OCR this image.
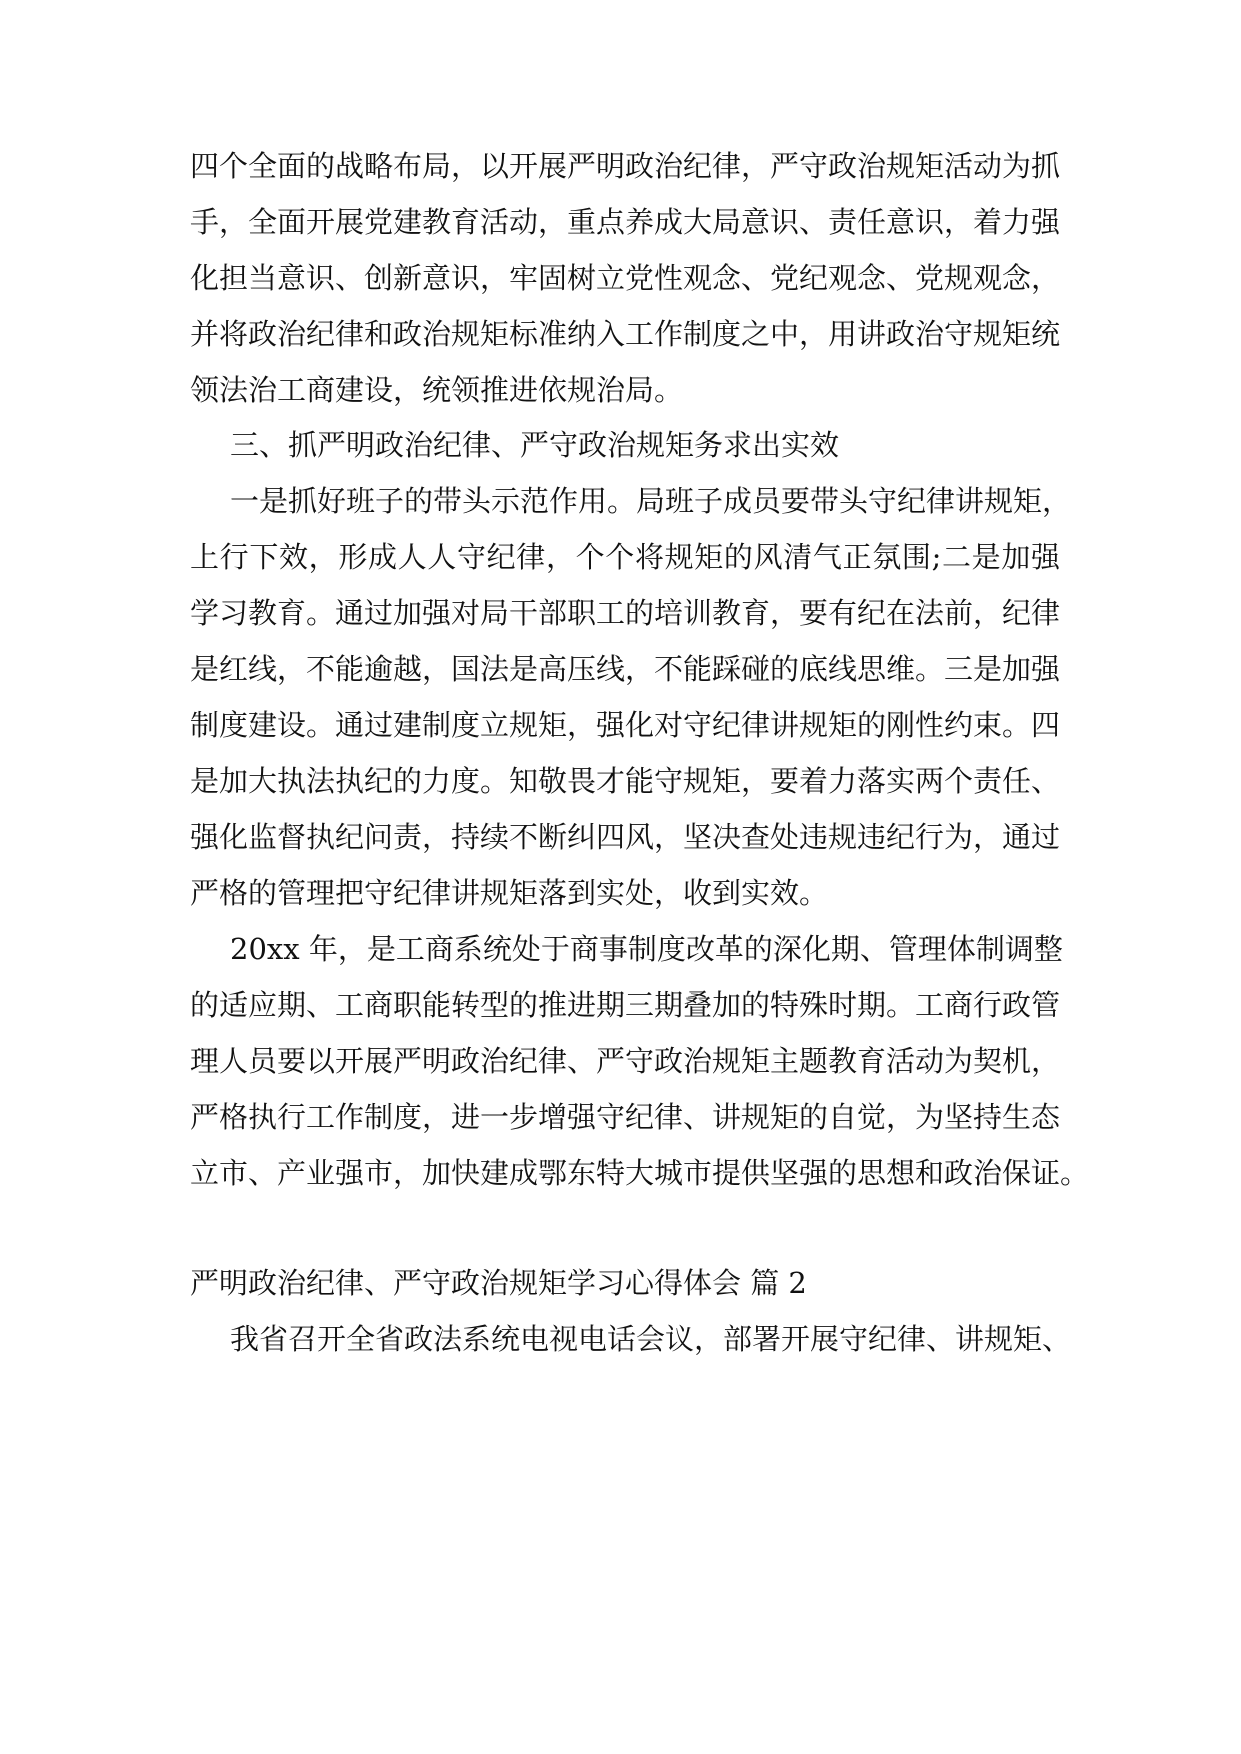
四个全面的战略布局，以开展严明政治纪律，严守政治规矩活动为抓
手，全面开展党建教育活动，重点养成大局意识、责任意识，着力强
化担当意识、创新意识，牢固树立党性观念、党纪观念、党规观念，
并将政治纪律和政治规矩标准纳入工作制度之中，用讲政治守规矩统
领法治工商建设，统领推进依规治局。
三、抓严明政治纪律、严守政治规矩务求出实效
一是抓好班子的带头示范作用。局班子成员要带头守纪律讲规矩，
上行下效，形成人人守纪律，个个将规矩的风清气正氛围;二是加强
学习教育。通过加强对局干部职工的培训教育，要有纪在法前，纪律
是红线，不能逾越，国法是高压线，不能踩碰的底线思维。三是加强
制度建设。通过建制度立规矩，强化对守纪律讲规矩的刚性约束。四
是加大执法执纪的力度。知敬畏才能守规矩，要着力落实两个责任、
强化监督执纪问责，持续不断纠四风，坚决查处违规违纪行为，通过
严格的管理把守纪律讲规矩落到实处，收到实效。
20xx 年，是工商系统处于商事制度改革的深化期、管理体制调整
的适应期、工商职能转型的推进期三期叠加的特殊时期。工商行政管
理人员要以开展严明政治纪律、严守政治规矩主题教育活动为契机，
严格执行工作制度，进一步增强守纪律、讲规矩的自觉，为坚持生态
立市、产业强市，加快建成鄂东特大城市提供坚强的思想和政治保证。
严明政治纪律、严守政治规矩学习心得体会 篇 2
我省召开全省政法系统电视电话会议，部署开展守纪律、讲规矩、
